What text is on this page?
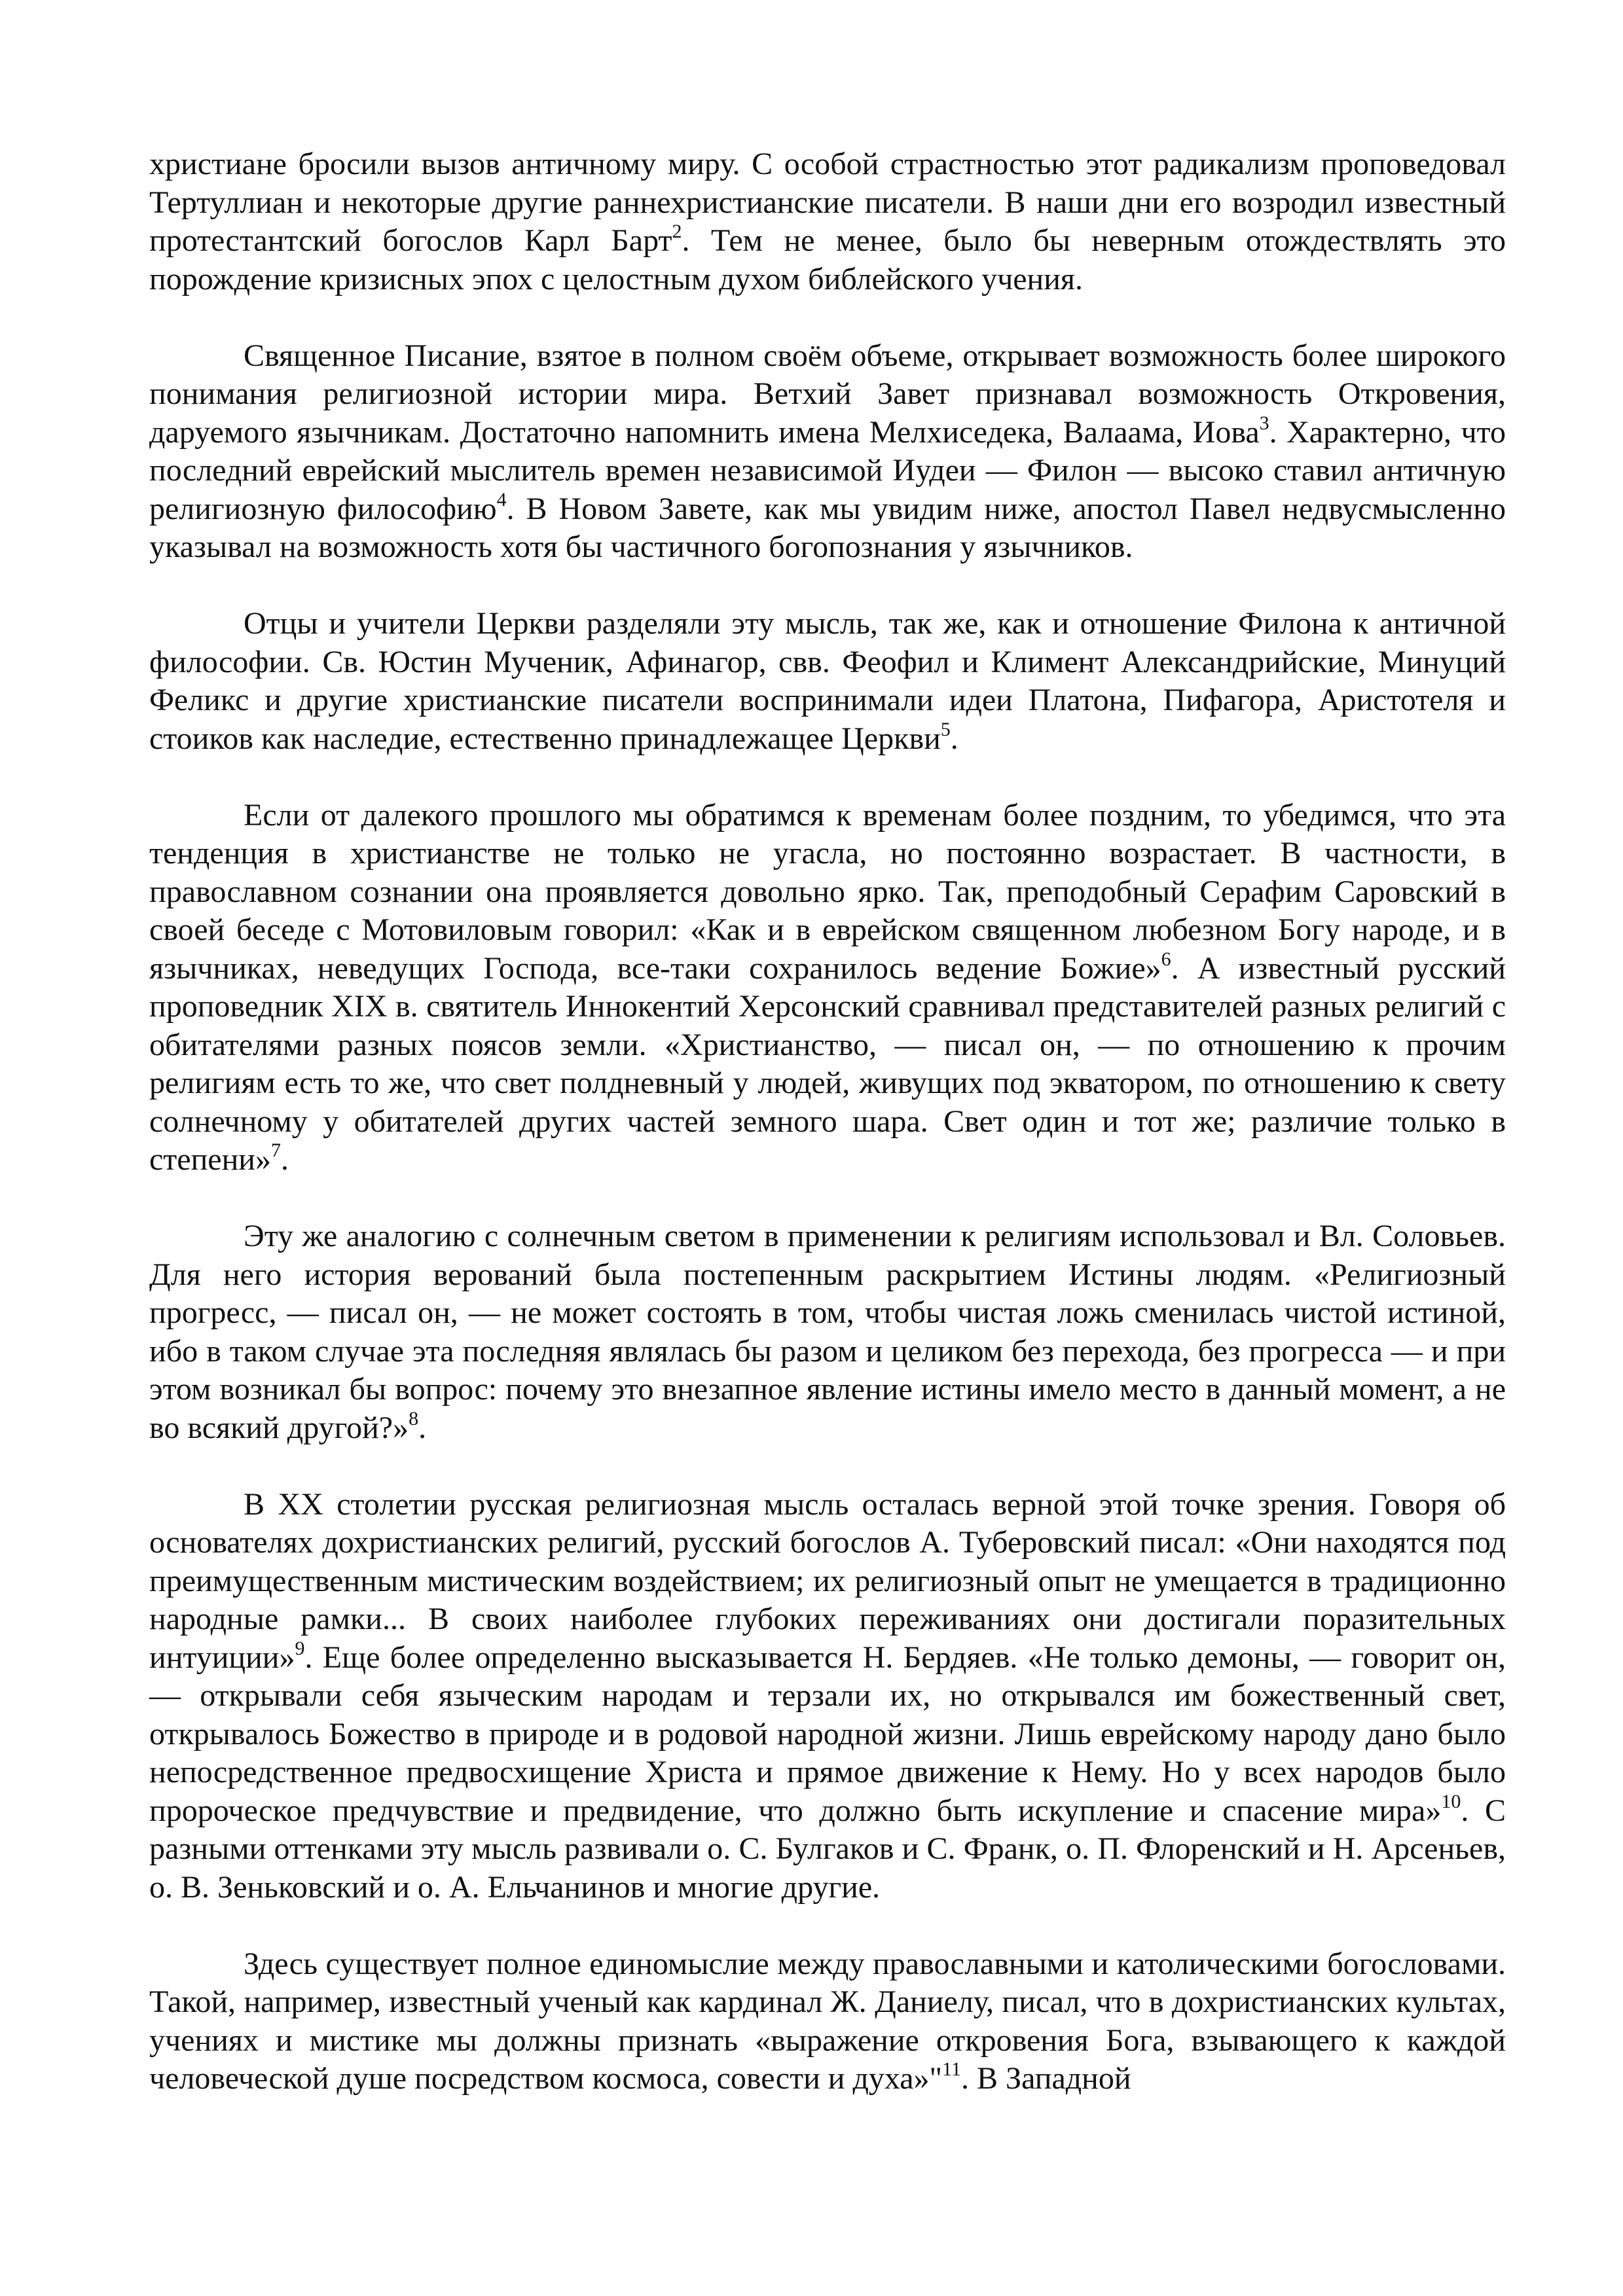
христиане бросили вызов античному миру. С особой страстностью этот радикализм проповедовал Тертуллиан и некоторые другие раннехристианские писатели. В наши дни его возродил известный протестантский богослов Карл Барт$^2$. Тем не менее, было бы неверным отождествлять это порождение кризисных эпох с целостным духом библейского учения.

Священное Писание, взятое в полном своём объеме, открывает возможность более широкого понимания религиозной истории мира. Ветхий Завет признавал возможность Откровения, даруемого язычникам. Достаточно напомнить имена Мелхиседека, Валаама, Иова$^3$. Характерно, что последний еврейский мыслитель времен независимой Иудеи — Филон — высоко ставил античную религиозную философию$^4$. В Новом Завете, как мы увидим ниже, апостол Павел недвусмысленно указывал на возможность хотя бы частичного богопознания у язычников.

Отцы и учители Церкви разделяли эту мысль, так же, как и отношение Филона к античной философии. Св. Юстин Мученик, Афинагор, свв. Феофил и Климент Александрийские, Минуций Феликс и другие христианские писатели воспринимали идеи Платона, Пифагора, Аристотеля и стоиков как наследие, естественно принадлежащее Церкви$^5$.

Если от далекого прошлого мы обратимся к временам более поздним, то убедимся, что эта тенденция в христианстве не только не угасла, но постоянно возрастает. В частности, в православном сознании она проявляется довольно ярко. Так, преподобный Серафим Саровский в своей беседе с Мотовиловым говорил: «Как и в еврейском священном любезном Богу народе, и в язычниках, неведущих Господа, все-таки сохранилось ведение Божие»$^6$. А известный русский проповедник XIX в. святитель Иннокентий Херсонский сравнивал представителей разных религий с обитателями разных поясов земли. «Христианство, — писал он, — по отношению к прочим религиям есть то же, что свет полдневный у людей, живущих под экватором, по отношению к свету солнечному у обитателей других частей земного шара. Свет один и тот же; различие только в степени»$^7$.

Эту же аналогию с солнечным светом в применении к религиям использовал и Вл. Соловьев. Для него история верований была постепенным раскрытием Истины людям. «Религиозный прогресс, — писал он, — не может состоять в том, чтобы чистая ложь сменилась чистой истиной, ибо в таком случае эта последняя являлась бы разом и целиком без перехода, без прогресса — и при этом возникал бы вопрос: почему это внезапное явление истины имело место в данный момент, а не во всякий другой?»$^8$.

В XX столетии русская религиозная мысль осталась верной этой точке зрения. Говоря об основателях дохристианских религий, русский богослов А. Туберовский писал: «Они находятся под преимущественным мистическим воздействием; их религиозный опыт не умещается в традиционно народные рамки... В своих наиболее глубоких переживаниях они достигали поразительных интуиции»$^9$. Еще более определенно высказывается Н. Бердяев. «Не только демоны, — говорит он, — открывали себя языческим народам и терзали их, но открывался им божественный свет, открывалось Божество в природе и в родовой народной жизни. Лишь еврейскому народу дано было непосредственное предвосхищение Христа и прямое движение к Нему. Но у всех народов было пророческое предчувствие и предвидение, что должно быть искупление и спасение мира»$^{10}$. С разными оттенками эту мысль развивали о. С. Булгаков и С. Франк, о. П. Флоренский и Н. Арсеньев, о. В. Зеньковский и о. А. Ельчанинов и многие другие.

Здесь существует полное единомыслие между православными и католическими богословами. Такой, например, известный ученый как кардинал Ж. Даниелу, писал, что в дохристианских культах, учениях и мистике мы должны признать «выражение откровения Бога, взывающего к каждой человеческой душе посредством космоса, совести и духа»"$^{11}$. В Западной
